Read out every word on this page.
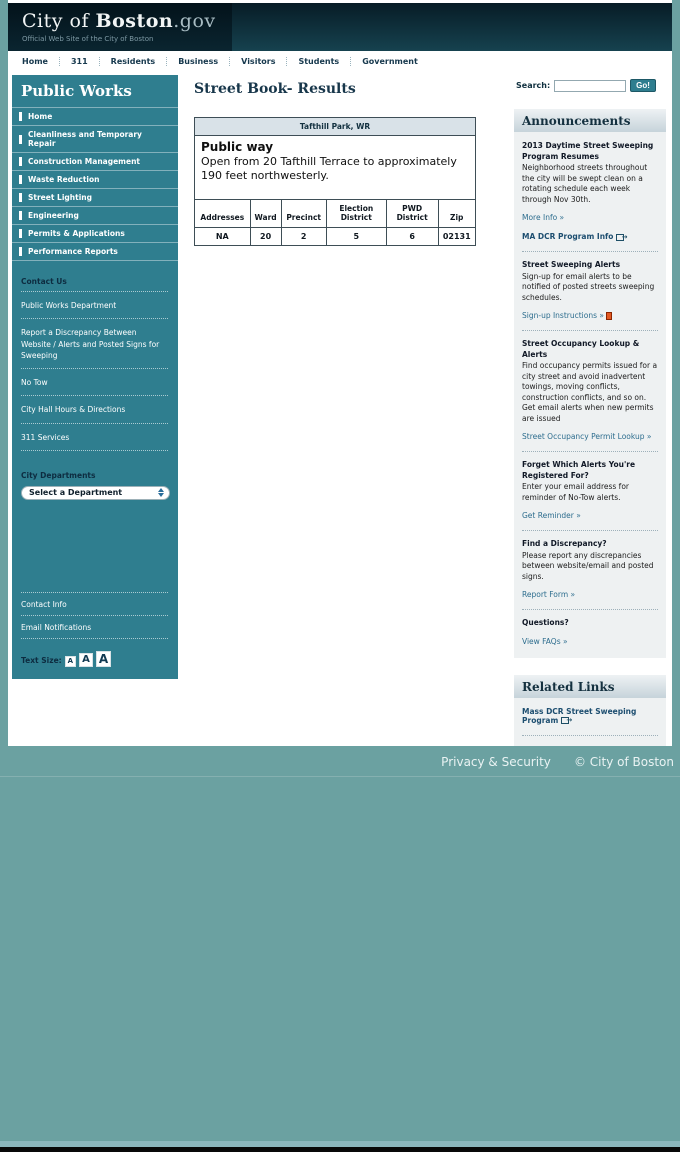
City of Boston.gov
Official Web Site of the City of Boston
Home	311	Residents	Business	Visitors	Students	Government
Public Works
Home
Cleanliness and Temporary Repair
Construction Management
Waste Reduction
Street Lighting
Engineering
Permits & Applications
Performance Reports
Contact Us
Public Works Department
Report a Discrepancy Between Website / Alerts and Posted Signs for Sweeping
No Tow
City Hall Hours & Directions
311 Services
City Departments
Select a Department
Contact Info
Email Notifications
Text Size: A A A
Street Book- Results
Tafthill Park, WR					

Public way
Open from 20 Tafthill Terrace to approximately 190 feet northwesterly.					

Addresses	Ward	Precinct	Election District	PWD District	Zip
NA	20	2	5	6	02131
Search:	Go!
Announcements
2013 Daytime Street Sweeping Program Resumes
Neighborhood streets throughout the city will be swept clean on a rotating schedule each week through Nov 30th.
More Info »
MA DCR Program Info→
Street Sweeping Alerts
Sign-up for email alerts to be notified of posted streets sweeping schedules.
Sign-up Instructions »
Street Occupancy Lookup & Alerts
Find occupancy permits issued for a city street and avoid inadvertent towings, moving conflicts, construction conflicts, and so on. Get email alerts when new permits are issued
Street Occupancy Permit Lookup »
Forget Which Alerts You're Registered For?
Enter your email address for reminder of No-Tow alerts.
Get Reminder »
Find a Discrepancy?
Please report any discrepancies between website/email and posted signs.
Report Form »
Questions?
View FAQs »
Related Links
Mass DCR Street Sweeping Program→
Privacy & Security © City of Boston
